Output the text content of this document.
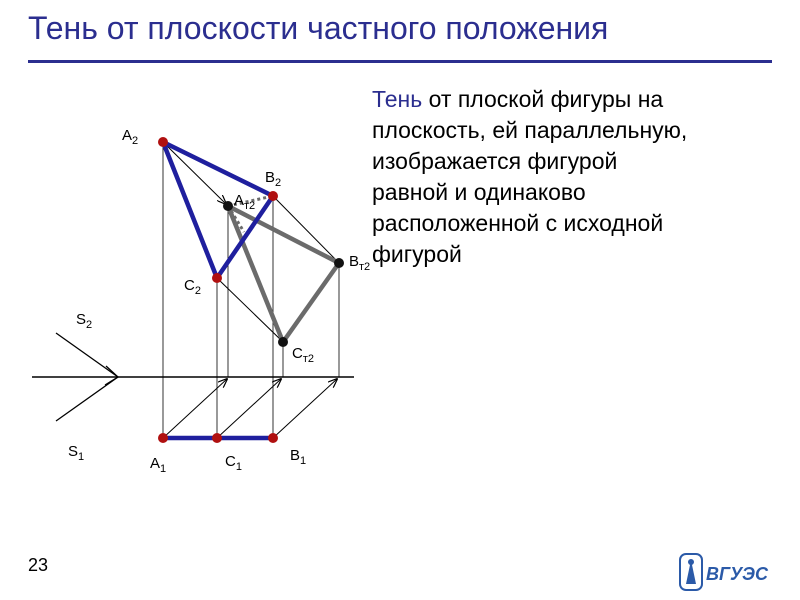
Тень от плоскости частного положения
Тень от плоской фигуры на
плоскость, ей параллельную,
изображается фигурой
равной и одинаково
расположенной с исходной
фигурой
$A_2$
$B_2$
$A_{т2}$
$B_{т2}$
$C_2$
$C_{т2}$
$S_2$
$S_1$	$A_1$	$C_1$
$B_1$
23	ВГУЭС
